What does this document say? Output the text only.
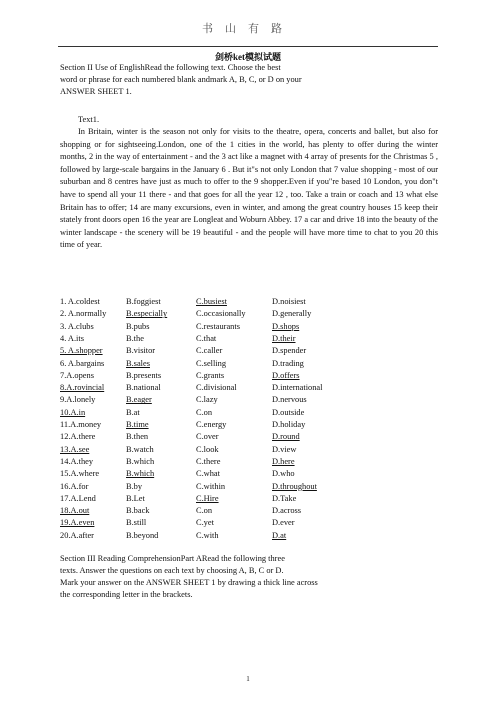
书山有路
剑桥ket模拟试题
Section II Use of EnglishRead the following text. Choose the best
word or phrase for each numbered blank andmark A, B, C, or D on your
ANSWER SHEET 1.
Text1.
In Britain, winter is the season not only for visits to the theatre, opera, concerts and ballet, but also for shopping or for sightseeing.London, one of the 1 cities in the world, has plenty to offer during the winter months, 2 in the way of entertainment - and the 3 act like a magnet with 4 array of presents for the Christmas 5 , followed by large-scale bargains in the January 6 . But it"s not only London that 7 value shopping - most of our suburban and 8 centres have just as much to offer to the 9 shopper.Even if you"re based 10 London, you don"t have to spend all your 11 there - and that goes for all the year 12 , too. Take a train or coach and 13 what else Britain has to offer; 14 are many excursions, even in winter, and among the great country houses 15 keep their stately front doors open 16 the year are Longleat and Woburn Abbey. 17 a car and drive 18 into the beauty of the winter landscape - the scenery will be 19 beautiful - and the people will have more time to chat to you 20 this time of year.
1. A.coldest	B.foggiest	C.busiest	D.noisiest
2. A.normally B.especially	C.occasionally	D.generally
3. A.clubs	B.pubs	C.restaurants	D.shops
4. A.its	B.the	C.that	D.their
5. A.shopper	B.visitor	C.caller	D.spender
6. A.bargains	B.sales	C.selling	D.trading
7.A.opens	B.presents	C.grants	D.offers
8.A.rovincial	B.national	C.divisional	D.international
9.A.lonely	B.eager	C.lazy	D.nervous
10.A.in	B.at	C.on	D.outside
11.A.money	B.time	C.energy	D.holiday
12.A.there	B.then	C.over	D.round
13.A.see	B.watch	C.look	D.view
14.A.they	B.which	C.there	D.here
15.A.where	B.which	C.what	D.who
16.A.for	B.by	C.within	D.throughout
17.A.Lend	B.Let	C.Hire	D.Take
18.A.out	B.back	C.on	D.across
19.A.even	B.still	C.yet	D.ever
20.A.after	B.beyond	C.with	D.at
Section III Reading ComprehensionPart ARead the following three
texts. Answer the questions on each text by choosing A, B, C or D.
Mark your answer on the ANSWER SHEET 1 by drawing a thick line across
the corresponding letter in the brackets.
1
